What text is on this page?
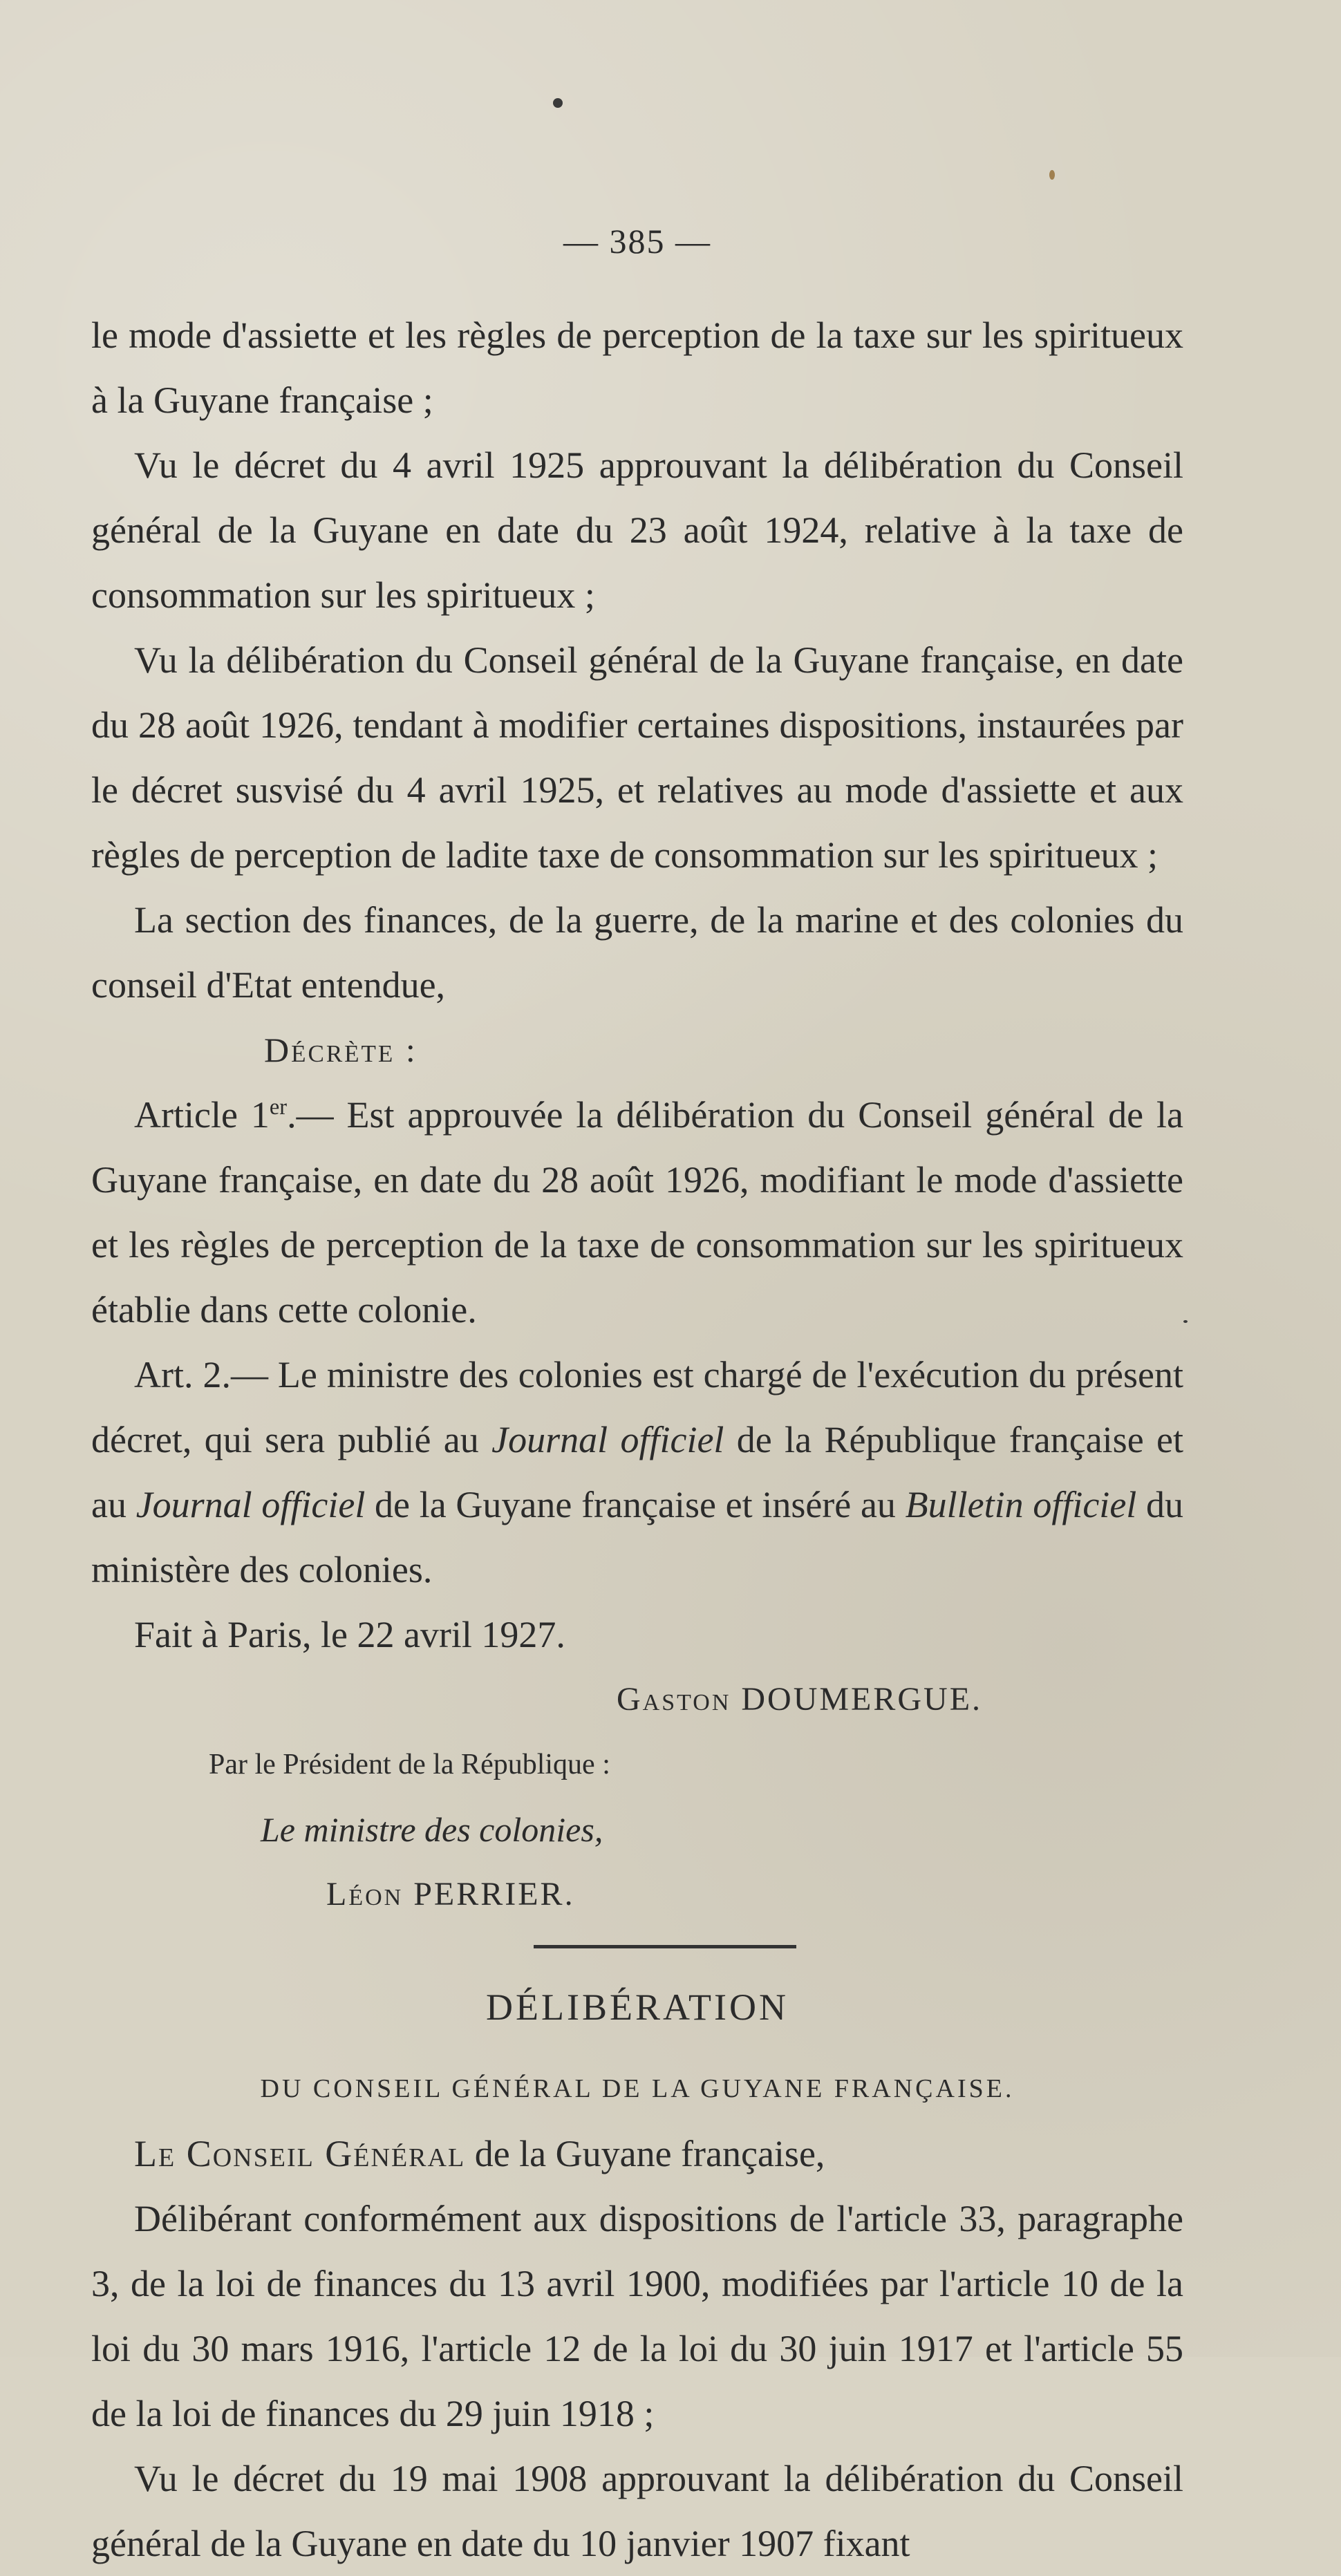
— 385 —

le mode d'assiette et les règles de perception de la taxe sur les spiritueux à la Guyane française ;

Vu le décret du 4 avril 1925 approuvant la délibération du Conseil général de la Guyane en date du 23 août 1924, relative à la taxe de consommation sur les spiritueux ;

Vu la délibération du Conseil général de la Guyane française, en date du 28 août 1926, tendant à modifier certaines dispositions, instaurées par le décret susvisé du 4 avril 1925, et relatives au mode d'assiette et aux règles de perception de ladite taxe de consommation sur les spiritueux ;

La section des finances, de la guerre, de la marine et des colonies du conseil d'Etat entendue,

Décrète :

Article 1er.— Est approuvée la délibération du Conseil général de la Guyane française, en date du 28 août 1926, modifiant le mode d'assiette et les règles de perception de la taxe de consommation sur les spiritueux établie dans cette colonie.

Art. 2.— Le ministre des colonies est chargé de l'exécution du présent décret, qui sera publié au Journal officiel de la République française et au Journal officiel de la Guyane française et inséré au Bulletin officiel du ministère des colonies.

Fait à Paris, le 22 avril 1927.

Gaston DOUMERGUE.

Par le Président de la République :

Le ministre des colonies,

Léon PERRIER.

DÉLIBÉRATION
DU CONSEIL GÉNÉRAL DE LA GUYANE FRANÇAISE.

Le Conseil Général de la Guyane française,

Délibérant conformément aux dispositions de l'article 33, paragraphe 3, de la loi de finances du 13 avril 1900, modifiées par l'article 10 de la loi du 30 mars 1916, l'article 12 de la loi du 30 juin 1917 et l'article 55 de la loi de finances du 29 juin 1918 ;

Vu le décret du 19 mai 1908 approuvant la délibération du Conseil général de la Guyane en date du 10 janvier 1907 fixant
